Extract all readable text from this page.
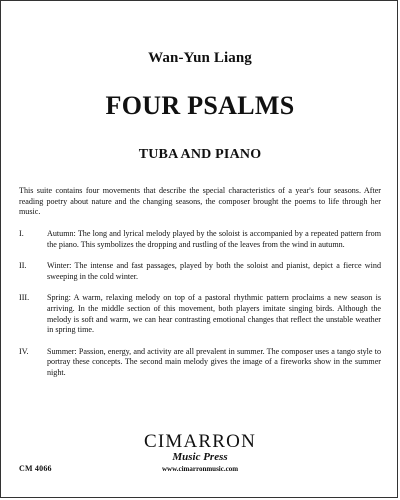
Wan-Yun Liang
FOUR PSALMS
TUBA AND PIANO
This suite contains four movements that describe the special characteristics of a year's four seasons. After reading poetry about nature and the changing seasons, the composer brought the poems to life through her music.
I.	Autumn: The long and lyrical melody played by the soloist is accompanied by a repeated pattern from the piano. This symbolizes the dropping and rustling of the leaves from the wind in autumn.
II.	Winter: The intense and fast passages, played by both the soloist and pianist, depict a fierce wind sweeping in the cold winter.
III.	Spring: A warm, relaxing melody on top of a pastoral rhythmic pattern proclaims a new season is arriving. In the middle section of this movement, both players imitate singing birds. Although the melody is soft and warm, we can hear contrasting emotional changes that reflect the unstable weather in spring time.
IV.	Summer: Passion, energy, and activity are all prevalent in summer. The composer uses a tango style to portray these concepts. The second main melody gives the image of a fireworks show in the summer night.
CM 4066
CIMARRON
Music Press
www.cimarronmusic.com
